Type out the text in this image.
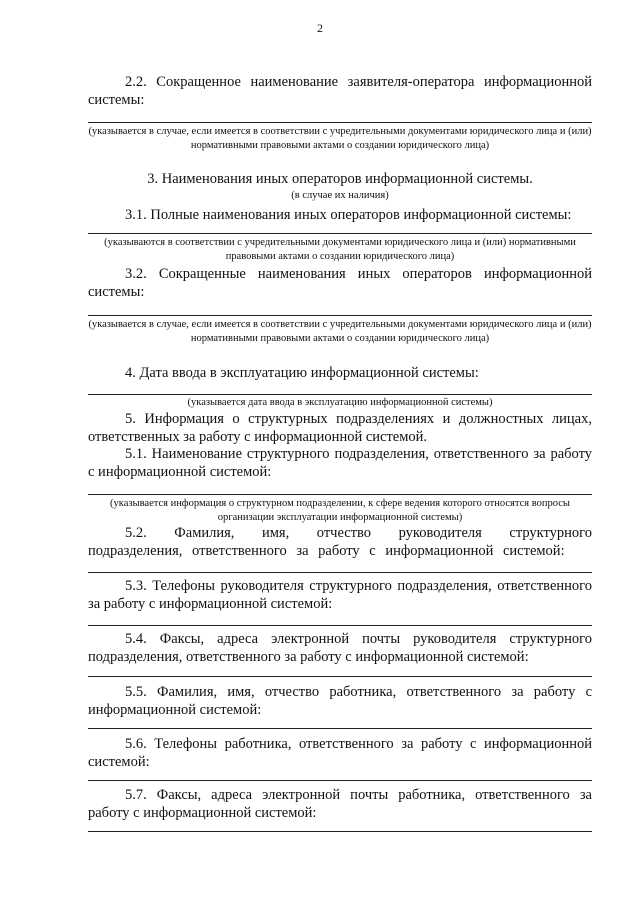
2
2.2. Сокращенное наименование заявителя-оператора информационной системы:
(указывается в случае, если имеется в соответствии с учредительными документами юридического лица и (или) нормативными правовыми актами о создании юридического лица)
3. Наименования иных операторов информационной системы.
(в случае их наличия)
3.1. Полные наименования иных операторов информационной системы:
(указываются в соответствии с учредительными документами юридического лица и (или) нормативными правовыми актами о создании юридического лица)
3.2. Сокращенные наименования иных операторов информационной системы:
(указывается в случае, если имеется в соответствии с учредительными документами юридического лица и (или) нормативными правовыми актами о создании юридического лица)
4. Дата ввода в эксплуатацию информационной системы:
(указывается дата ввода в эксплуатацию информационной системы)
5. Информация о структурных подразделениях и должностных лицах, ответственных за работу с информационной системой.
5.1. Наименование структурного подразделения, ответственного за работу с информационной системой:
(указывается информация о структурном подразделении, к сфере ведения которого относятся вопросы организации эксплуатации информационной системы)
5.2. Фамилия, имя, отчество руководителя структурного подразделения, ответственного за работу с информационной системой:
5.3. Телефоны руководителя структурного подразделения, ответственного за работу с информационной системой:
5.4. Факсы, адреса электронной почты руководителя структурного подразделения, ответственного за работу с информационной системой:
5.5. Фамилия, имя, отчество работника, ответственного за работу с информационной системой:
5.6. Телефоны работника, ответственного за работу с информационной системой:
5.7. Факсы, адреса электронной почты работника, ответственного за работу с информационной системой:
